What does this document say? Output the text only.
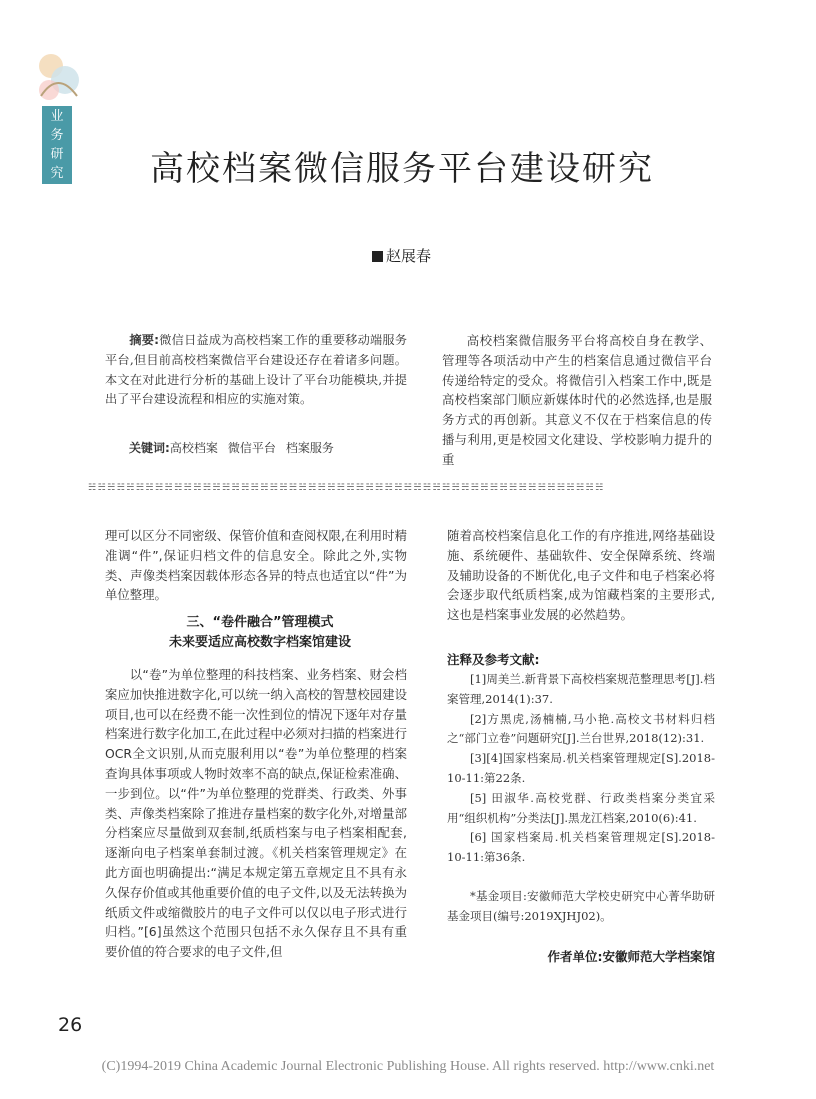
业
务
研
究	高校档案微信服务平台建设研究
赵展春

摘要:微信日益成为高校档案工作的重要移动端服务平台,但目前高校档案微信平台建设还存在着诸多问题。本文在对此进行分析的基础上设计了平台功能模块,并提出了平台建设流程和相应的实施对策。

关键词:高校档案 微信平台 档案服务

高校档案微信服务平台将高校自身在教学、管理等各项活动中产生的档案信息通过微信平台传递给特定的受众。将微信引入档案工作中,既是高校档案部门顺应新媒体时代的必然选择,也是服务方式的再创新。其意义不仅在于档案信息的传播与利用,更是校园文化建设、学校影响力提升的重

☵☵☵☵☵☵☵☵☵☵☵☵☵☵☵☵☵☵☵☵☵☵☵☵☵☵☵☵☵☵☵☵☵☵☵☵☵☵☵☵☵☵☵☵☵☵☵☵☵☵☵☵☵☵

理可以区分不同密级、保管价值和查阅权限,在利用时精准调“件”,保证归档文件的信息安全。除此之外,实物类、声像类档案因载体形态各异的特点也适宜以“件”为单位整理。

三、“卷件融合”管理模式
未来要适应高校数字档案馆建设

以“卷”为单位整理的科技档案、业务档案、财会档案应加快推进数字化,可以统一纳入高校的智慧校园建设项目,也可以在经费不能一次性到位的情况下逐年对存量档案进行数字化加工,在此过程中必须对扫描的档案进行OCR全文识别,从而克服利用以“卷”为单位整理的档案查询具体事项或人物时效率不高的缺点,保证检索准确、一步到位。以“件”为单位整理的党群类、行政类、外事类、声像类档案除了推进存量档案的数字化外,对增量部分档案应尽量做到双套制,纸质档案与电子档案相配套,逐渐向电子档案单套制过渡。《机关档案管理规定》在此方面也明确提出:“满足本规定第五章规定且不具有永久保存价值或其他重要价值的电子文件,以及无法转换为纸质文件或缩微胶片的电子文件可以仅以电子形式进行归档。”[6]虽然这个范围只包括不永久保存且不具有重要价值的符合要求的电子文件,但

随着高校档案信息化工作的有序推进,网络基础设施、系统硬件、基础软件、安全保障系统、终端及辅助设备的不断优化,电子文件和电子档案必将会逐步取代纸质档案,成为馆藏档案的主要形式,这也是档案事业发展的必然趋势。

注释及参考文献:

[1]周美兰.新背景下高校档案规范整理思考[J].档案管理,2014(1):37.

[2]方黑虎,汤楠楠,马小艳.高校文书材料归档之“部门立卷”问题研究[J].兰台世界,2018(12):31.

[3][4]国家档案局.机关档案管理规定[S].2018-10-11:第22条.

[5] 田淑华.高校党群、行政类档案分类宜采用“组织机构”分类法[J].黑龙江档案,2010(6):41.

[6] 国家档案局.机关档案管理规定[S].2018-10-11:第36条.

*基金项目:安徽师范大学校史研究中心菁华助研基金项目(编号:2019XJHJ02)。

作者单位:安徽师范大学档案馆
26
(C)1994-2019 China Academic Journal Electronic Publishing House. All rights reserved. http://www.cnki.net
